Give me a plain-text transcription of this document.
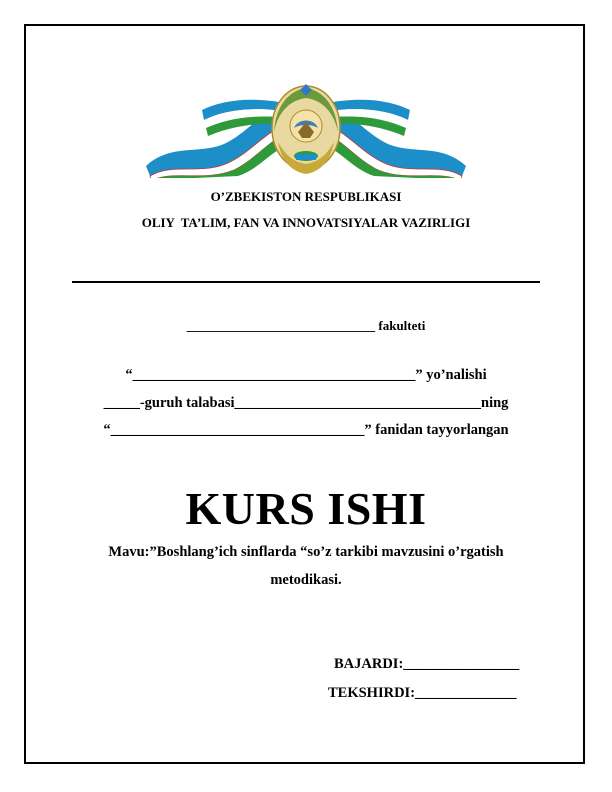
O’ZBEKISTON RESPUBLIKASI
OLIY  TA’LIM, FAN VA INNOVATSIYALAR VAZIRLIGI
_____________________________ fakulteti
“_______________________________________” yo’nalishi
_____-guruh talabasi__________________________________ning
“___________________________________” fanidan tayyorlangan
KURS ISHI
Mavu:”Boshlang’ich sinflarda “so’z tarkibi mavzusini o’rgatish
metodikasi.
BAJARDI:________________
TEKSHIRDI:______________
